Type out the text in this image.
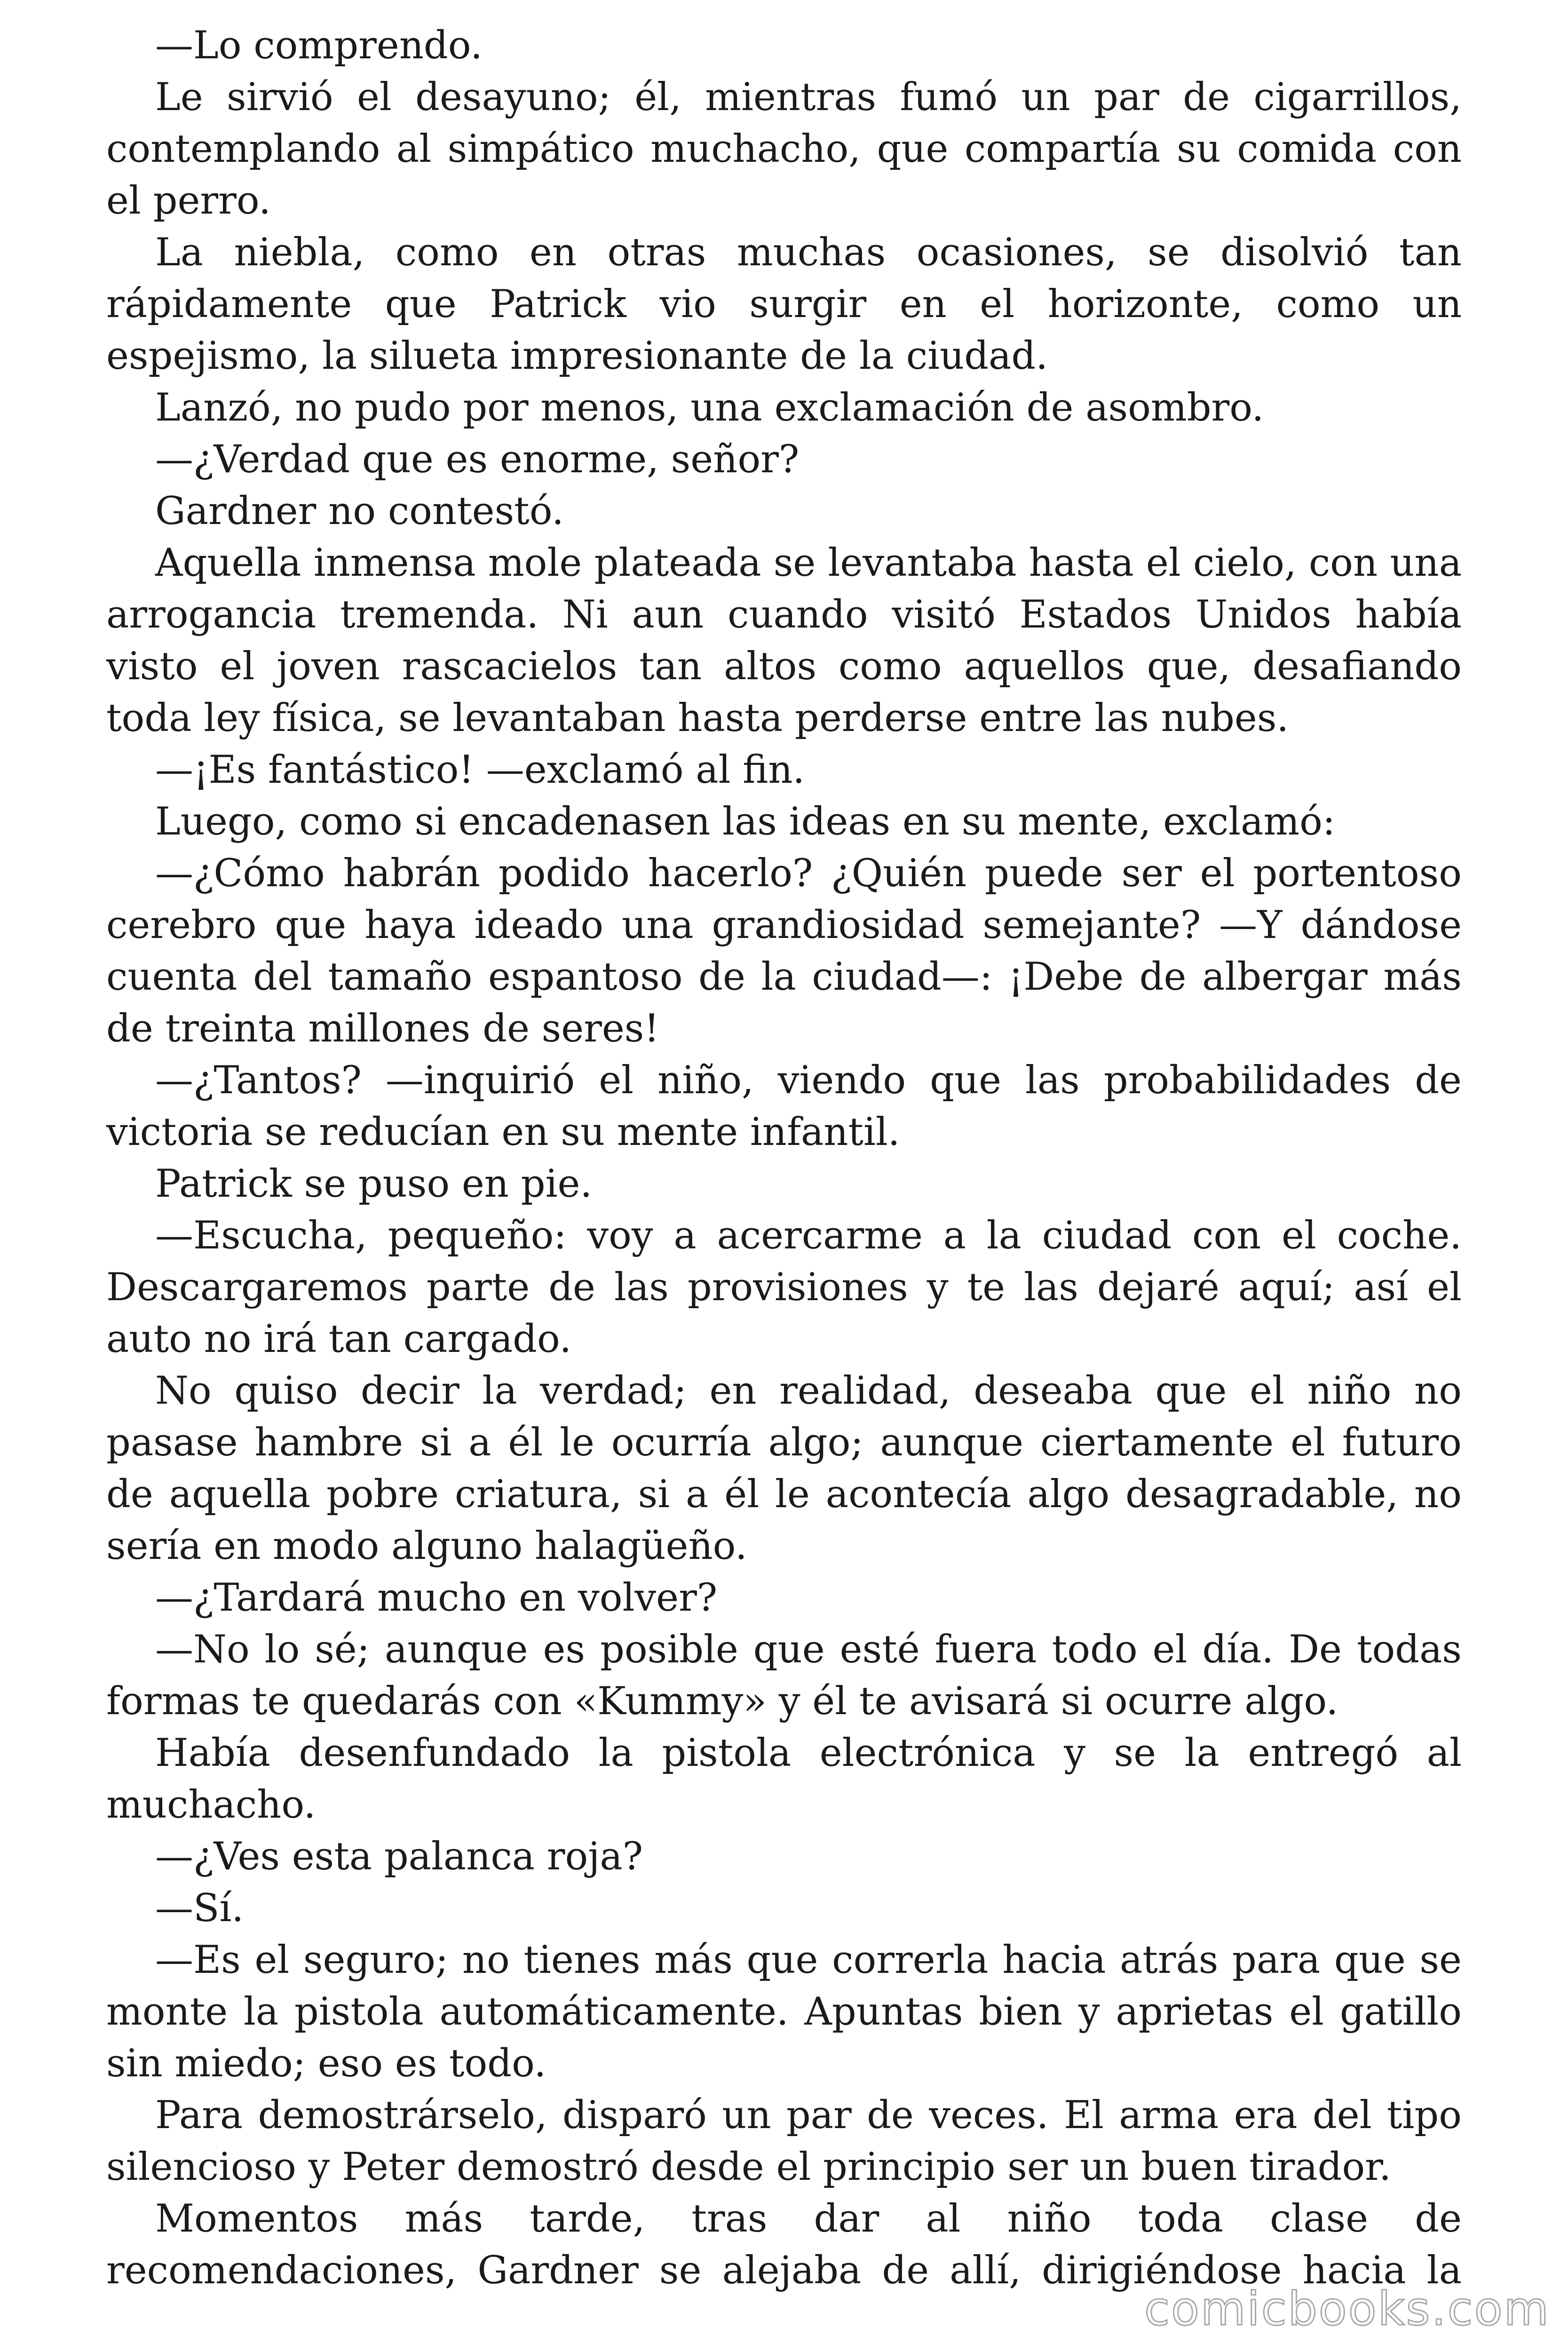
—Lo comprendo.

Le sirvió el desayuno; él, mientras fumó un par de cigarrillos, contemplando al simpático muchacho, que compartía su comida con el perro.

La niebla, como en otras muchas ocasiones, se disolvió tan rápidamente que Patrick vio surgir en el horizonte, como un espejismo, la silueta impresionante de la ciudad.

Lanzó, no pudo por menos, una exclamación de asombro.

—¿Verdad que es enorme, señor?

Gardner no contestó.

Aquella inmensa mole plateada se levantaba hasta el cielo, con una arrogancia tremenda. Ni aun cuando visitó Estados Unidos había visto el joven rascacielos tan altos como aquellos que, desafiando toda ley física, se levantaban hasta perderse entre las nubes.

—¡Es fantástico! —exclamó al fin.

Luego, como si encadenasen las ideas en su mente, exclamó:

—¿Cómo habrán podido hacerlo? ¿Quién puede ser el portentoso cerebro que haya ideado una grandiosidad semejante? —Y dándose cuenta del tamaño espantoso de la ciudad—: ¡Debe de albergar más de treinta millones de seres!

—¿Tantos? —inquirió el niño, viendo que las probabilidades de victoria se reducían en su mente infantil.

Patrick se puso en pie.

—Escucha, pequeño: voy a acercarme a la ciudad con el coche. Descargaremos parte de las provisiones y te las dejaré aquí; así el auto no irá tan cargado.

No quiso decir la verdad; en realidad, deseaba que el niño no pasase hambre si a él le ocurría algo; aunque ciertamente el futuro de aquella pobre criatura, si a él le acontecía algo desagradable, no sería en modo alguno halagüeño.

—¿Tardará mucho en volver?

—No lo sé; aunque es posible que esté fuera todo el día. De todas formas te quedarás con «Kummy» y él te avisará si ocurre algo.

Había desenfundado la pistola electrónica y se la entregó al muchacho.

—¿Ves esta palanca roja?

—Sí.

—Es el seguro; no tienes más que correrla hacia atrás para que se monte la pistola automáticamente. Apuntas bien y aprietas el gatillo sin miedo; eso es todo.

Para demostrárselo, disparó un par de veces. El arma era del tipo silencioso y Peter demostró desde el principio ser un buen tirador.

Momentos más tarde, tras dar al niño toda clase de recomendaciones, Gardner se alejaba de allí, dirigiéndose hacia la

comicbooks.com
